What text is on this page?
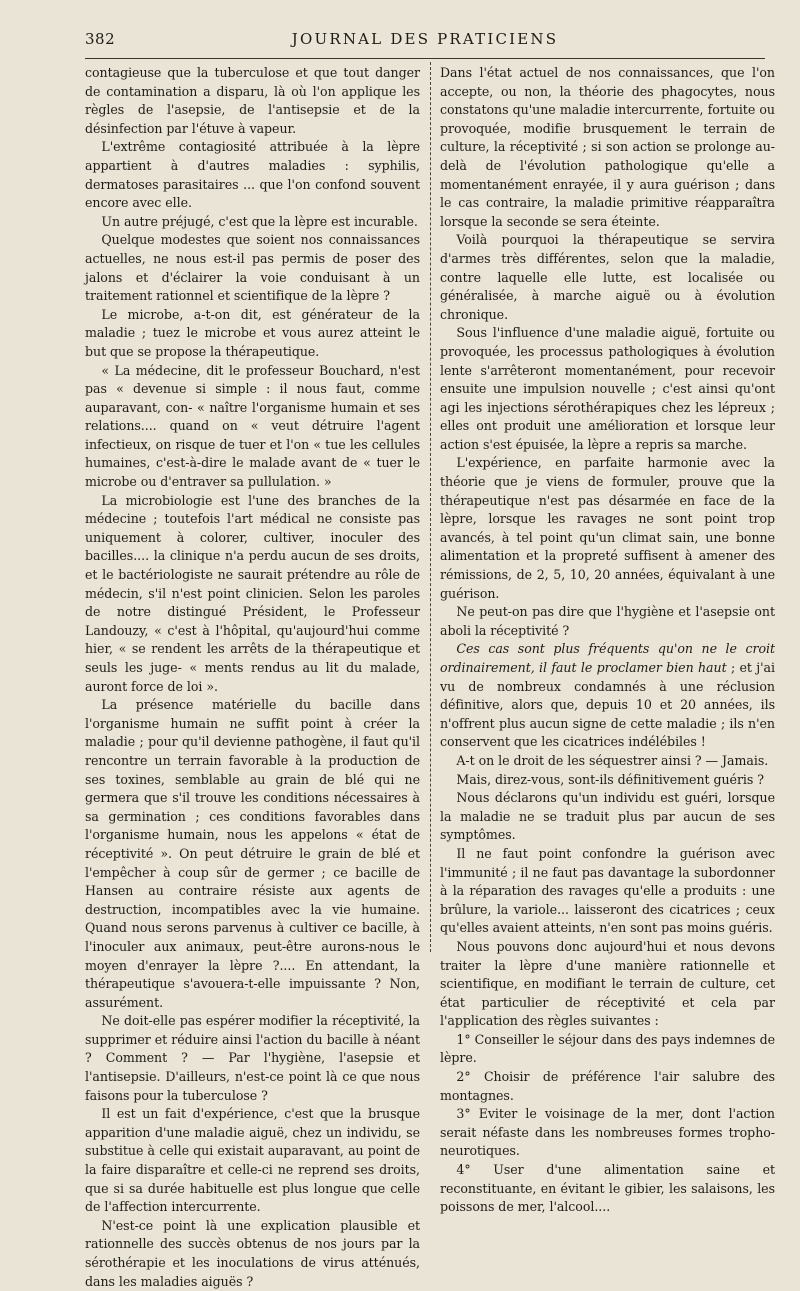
382	JOURNAL DES PRATICIENS

contagieuse que la tuberculose et que tout danger de contamination a disparu, là où l'on applique les règles de l'asepsie, de l'antisepsie et de la désinfection par l'étuve à vapeur.

L'extrême contagiosité attribuée à la lèpre appartient à d'autres maladies : syphilis, dermatoses parasitaires ... que l'on confond souvent encore avec elle.

Un autre préjugé, c'est que la lèpre est incurable.

Quelque modestes que soient nos connaissances actuelles, ne nous est-il pas permis de poser des jalons et d'éclairer la voie conduisant à un traitement rationnel et scientifique de la lèpre ?

Le microbe, a-t-on dit, est générateur de la maladie ; tuez le microbe et vous aurez atteint le but que se propose la thérapeutique.

« La médecine, dit le professeur Bouchard, n'est pas « devenue si simple : il nous faut, comme auparavant, con- « naître l'organisme humain et ses relations.... quand on « veut détruire l'agent infectieux, on risque de tuer et l'on « tue les cellules humaines, c'est-à-dire le malade avant de « tuer le microbe ou d'entraver sa pullulation. »

La microbiologie est l'une des branches de la médecine ; toutefois l'art médical ne consiste pas uniquement à colorer, cultiver, inoculer des bacilles.... la clinique n'a perdu aucun de ses droits, et le bactériologiste ne saurait prétendre au rôle de médecin, s'il n'est point clinicien. Selon les paroles de notre distingué Président, le Professeur Landouzy, « c'est à l'hôpital, qu'aujourd'hui comme hier, « se rendent les arrêts de la thérapeutique et seuls les juge- « ments rendus au lit du malade, auront force de loi ».

La présence matérielle du bacille dans l'organisme humain ne suffit point à créer la maladie ; pour qu'il devienne pathogène, il faut qu'il rencontre un terrain favorable à la production de ses toxines, semblable au grain de blé qui ne germera que s'il trouve les conditions nécessaires à sa germination ; ces conditions favorables dans l'organisme humain, nous les appelons « état de réceptivité ». On peut détruire le grain de blé et l'empêcher à coup sûr de germer ; ce bacille de Hansen au contraire résiste aux agents de destruction, incompatibles avec la vie humaine. Quand nous serons parvenus à cultiver ce bacille, à l'inoculer aux animaux, peut-être aurons-nous le moyen d'enrayer la lèpre ?.... En attendant, la thérapeutique s'avouera-t-elle impuissante ? Non, assurément.

Ne doit-elle pas espérer modifier la réceptivité, la supprimer et réduire ainsi l'action du bacille à néant ? Comment ? — Par l'hygiène, l'asepsie et l'antisepsie. D'ailleurs, n'est-ce point là ce que nous faisons pour la tuberculose ?

Il est un fait d'expérience, c'est que la brusque apparition d'une maladie aiguë, chez un individu, se substitue à celle qui existait auparavant, au point de la faire disparaître et celle-ci ne reprend ses droits, que si sa durée habituelle est plus longue que celle de l'affection intercurrente.

N'est-ce point là une explication plausible et rationnelle des succès obtenus de nos jours par la sérothérapie et les inoculations de virus atténués, dans les maladies aiguës ?

Dans l'état actuel de nos connaissances, que l'on accepte, ou non, la théorie des phagocytes, nous constatons qu'une maladie intercurrente, fortuite ou provoquée, modifie brusquement le terrain de culture, la réceptivité ; si son action se prolonge au-delà de l'évolution pathologique qu'elle a momentanément enrayée, il y aura guérison ; dans le cas contraire, la maladie primitive réapparaîtra lorsque la seconde se sera éteinte.

Voilà pourquoi la thérapeutique se servira d'armes très différentes, selon que la maladie, contre laquelle elle lutte, est localisée ou généralisée, à marche aiguë ou à évolution chronique.

Sous l'influence d'une maladie aiguë, fortuite ou provoquée, les processus pathologiques à évolution lente s'arrêteront momentanément, pour recevoir ensuite une impulsion nouvelle ; c'est ainsi qu'ont agi les injections sérothérapiques chez les lépreux ; elles ont produit une amélioration et lorsque leur action s'est épuisée, la lèpre a repris sa marche.

L'expérience, en parfaite harmonie avec la théorie que je viens de formuler, prouve que la thérapeutique n'est pas désarmée en face de la lèpre, lorsque les ravages ne sont point trop avancés, à tel point qu'un climat sain, une bonne alimentation et la propreté suffisent à amener des rémissions, de 2, 5, 10, 20 années, équivalant à une guérison.

Ne peut-on pas dire que l'hygiène et l'asepsie ont aboli la réceptivité ?

Ces cas sont plus fréquents qu'on ne le croit ordinairement, il faut le proclamer bien haut ; et j'ai vu de nombreux condamnés à une réclusion définitive, alors que, depuis 10 et 20 années, ils n'offrent plus aucun signe de cette maladie ; ils n'en conservent que les cicatrices indélébiles !

A-t on le droit de les séquestrer ainsi ? — Jamais.

Mais, direz-vous, sont-ils définitivement guéris ?

Nous déclarons qu'un individu est guéri, lorsque la maladie ne se traduit plus par aucun de ses symptômes.

Il ne faut point confondre la guérison avec l'immunité ; il ne faut pas davantage la subordonner à la réparation des ravages qu'elle a produits : une brûlure, la variole... laisseront des cicatrices ; ceux qu'elles avaient atteints, n'en sont pas moins guéris.

Nous pouvons donc aujourd'hui et nous devons traiter la lèpre d'une manière rationnelle et scientifique, en modifiant le terrain de culture, cet état particulier de réceptivité et cela par l'application des règles suivantes :

1° Conseiller le séjour dans des pays indemnes de lèpre.

2° Choisir de préférence l'air salubre des montagnes.

3° Eviter le voisinage de la mer, dont l'action serait néfaste dans les nombreuses formes tropho-neurotiques.

4° User d'une alimentation saine et reconstituante, en évitant le gibier, les salaisons, les poissons de mer, l'alcool....
